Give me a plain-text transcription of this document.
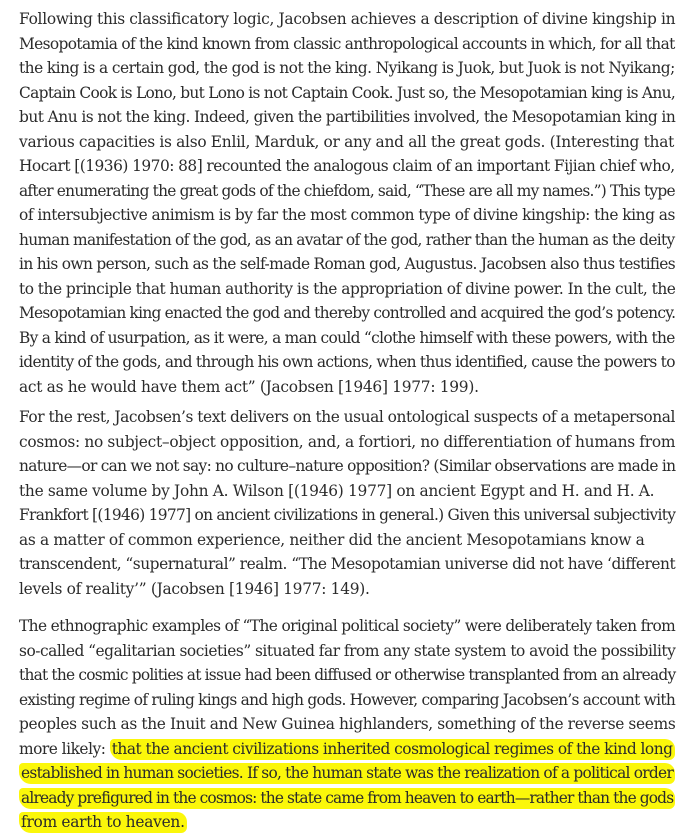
Following this classificatory logic, Jacobsen achieves a description of divine kingship in
Mesopotamia of the kind known from classic anthropological accounts in which, for all that
the king is a certain god, the god is not the king. Nyikang is Juok, but Juok is not Nyikang;
Captain Cook is Lono, but Lono is not Captain Cook. Just so, the Mesopotamian king is Anu,
but Anu is not the king. Indeed, given the partibilities involved, the Mesopotamian king in
various capacities is also Enlil, Marduk, or any and all the great gods. (Interesting that
Hocart [(1936) 1970: 88] recounted the analogous claim of an important Fijian chief who,
after enumerating the great gods of the chiefdom, said, “These are all my names.”) This type
of intersubjective animism is by far the most common type of divine kingship: the king as
human manifestation of the god, as an avatar of the god, rather than the human as the deity
in his own person, such as the self-made Roman god, Augustus. Jacobsen also thus testifies
to the principle that human authority is the appropriation of divine power. In the cult, the
Mesopotamian king enacted the god and thereby controlled and acquired the god’s potency.
By a kind of usurpation, as it were, a man could “clothe himself with these powers, with the
identity of the gods, and through his own actions, when thus identified, cause the powers to
act as he would have them act” (Jacobsen [1946] 1977: 199).
For the rest, Jacobsen’s text delivers on the usual ontological suspects of a metapersonal
cosmos: no subject–object opposition, and, a fortiori, no differentiation of humans from
nature—or can we not say: no culture–nature opposition? (Similar observations are made in
the same volume by John A. Wilson [(1946) 1977] on ancient Egypt and H. and H. A.
Frankfort [(1946) 1977] on ancient civilizations in general.) Given this universal subjectivity
as a matter of common experience, neither did the ancient Mesopotamians know a
transcendent, “supernatural” realm. “The Mesopotamian universe did not have ‘different
levels of reality’” (Jacobsen [1946] 1977: 149).
The ethnographic examples of “The original political society” were deliberately taken from
so-called “egalitarian societies” situated far from any state system to avoid the possibility
that the cosmic polities at issue had been diffused or otherwise transplanted from an already
existing regime of ruling kings and high gods. However, comparing Jacobsen’s account with
peoples such as the Inuit and New Guinea highlanders, something of the reverse seems
more likely: that the ancient civilizations inherited cosmological regimes of the kind long
established in human societies. If so, the human state was the realization of a political order
already prefigured in the cosmos: the state came from heaven to earth—rather than the gods
from earth to heaven.
